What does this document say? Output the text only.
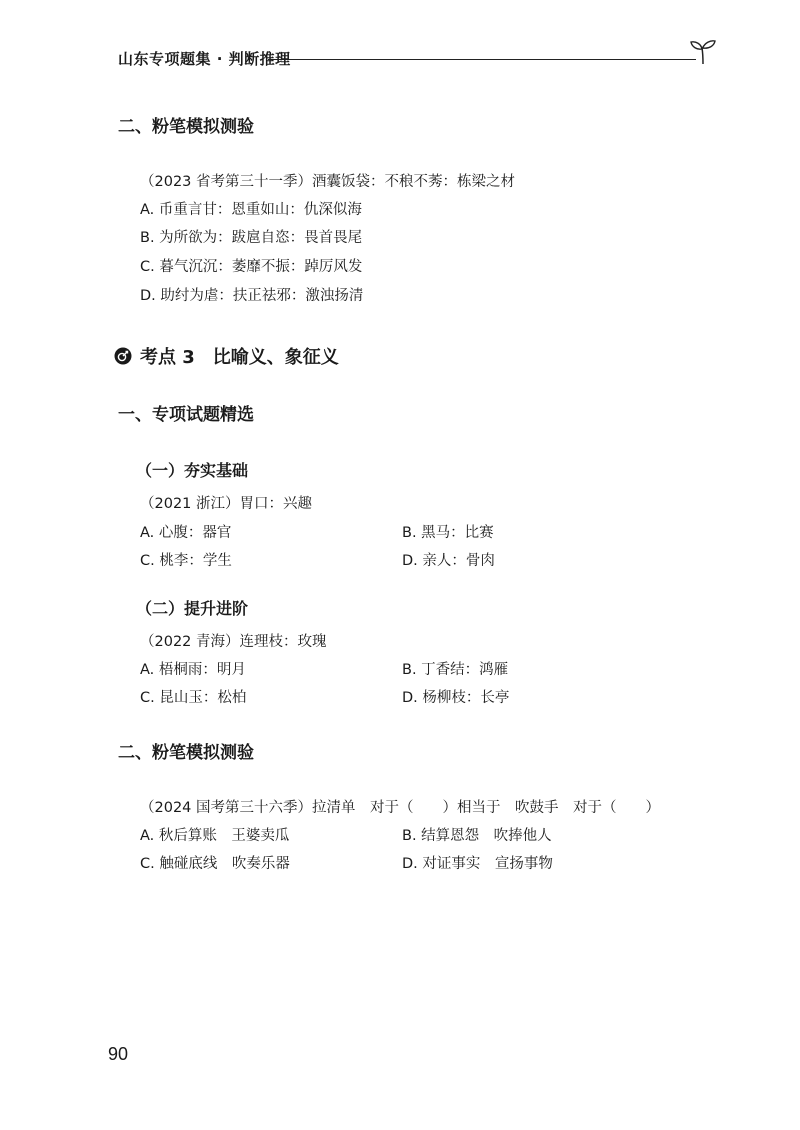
山东专项题集 · 判断推理
二、粉笔模拟测验
（2023 省考第三十一季）酒囊饭袋：不稂不莠：栋梁之材
A. 币重言甘：恩重如山：仇深似海
B. 为所欲为：跋扈自恣：畏首畏尾
C. 暮气沉沉：萎靡不振：踔厉风发
D. 助纣为虐：扶正祛邪：激浊扬清
考点 3　比喻义、象征义
一、专项试题精选
（一）夯实基础
（2021 浙江）胃口：兴趣
A. 心腹：器官	B. 黑马：比赛
C. 桃李：学生	D. 亲人：骨肉
（二）提升进阶
（2022 青海）连理枝：玫瑰
A. 梧桐雨：明月	B. 丁香结：鸿雁
C. 昆山玉：松柏	D. 杨柳枝：长亭
二、粉笔模拟测验
（2024 国考第三十六季）拉清单　对于（　　）相当于　吹鼓手　对于（　　）
A. 秋后算账　王婆卖瓜	B. 结算恩怨　吹捧他人
C. 触碰底线　吹奏乐器	D. 对证事实　宣扬事物
90
